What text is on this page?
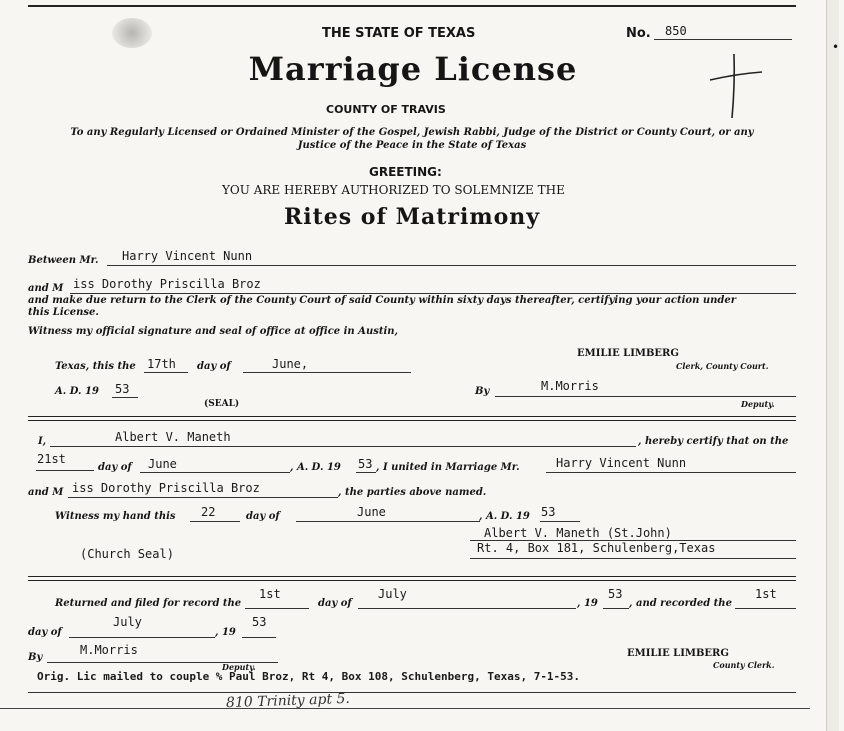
•
THE STATE OF TEXAS	No. 850
Marriage License
COUNTY OF TRAVIS
To any Regularly Licensed or Ordained Minister of the Gospel, Jewish Rabbi, Judge of the District or County Court, or any
Justice of the Peace in the State of Texas
GREETING:
YOU ARE HEREBY AUTHORIZED TO SOLEMNIZE THE
Rites of Matrimony
Between Mr. Harry Vincent Nunn
and M iss Dorothy Priscilla Broz
and make due return to the Clerk of the County Court of said County within sixty days thereafter, certifying your action under
this License.
Witness my official signature and seal of office at office in Austin,
EMILIE LIMBERG
Texas, this the 17th day of	June,	Clerk, County Court.
A. D. 19 53	By	M.Morris
(SEAL)	Deputy.
I,	Albert V. Maneth	, hereby certify that on the
21st
day of June	, A. D. 19 53 , I united in Marriage Mr.	Harry Vincent Nunn
and M iss Dorothy Priscilla Broz	, the parties above named.
Witness my hand this 22	day of	June	, A. D. 19 53
Albert V. Maneth (St.John)
Rt. 4, Box 181, Schulenberg,Texas
(Church Seal)
Returned and filed for record the
1st
day of
July
, 19
53
, and recorded the
1st
day of
July
, 19
53
By
M.Morris
Deputy.
EMILIE LIMBERG
County Clerk.
Orig. Lic mailed to couple % Paul Broz, Rt 4, Box 108, Schulenberg, Texas, 7-1-53.
810 Trinity apt 5.
